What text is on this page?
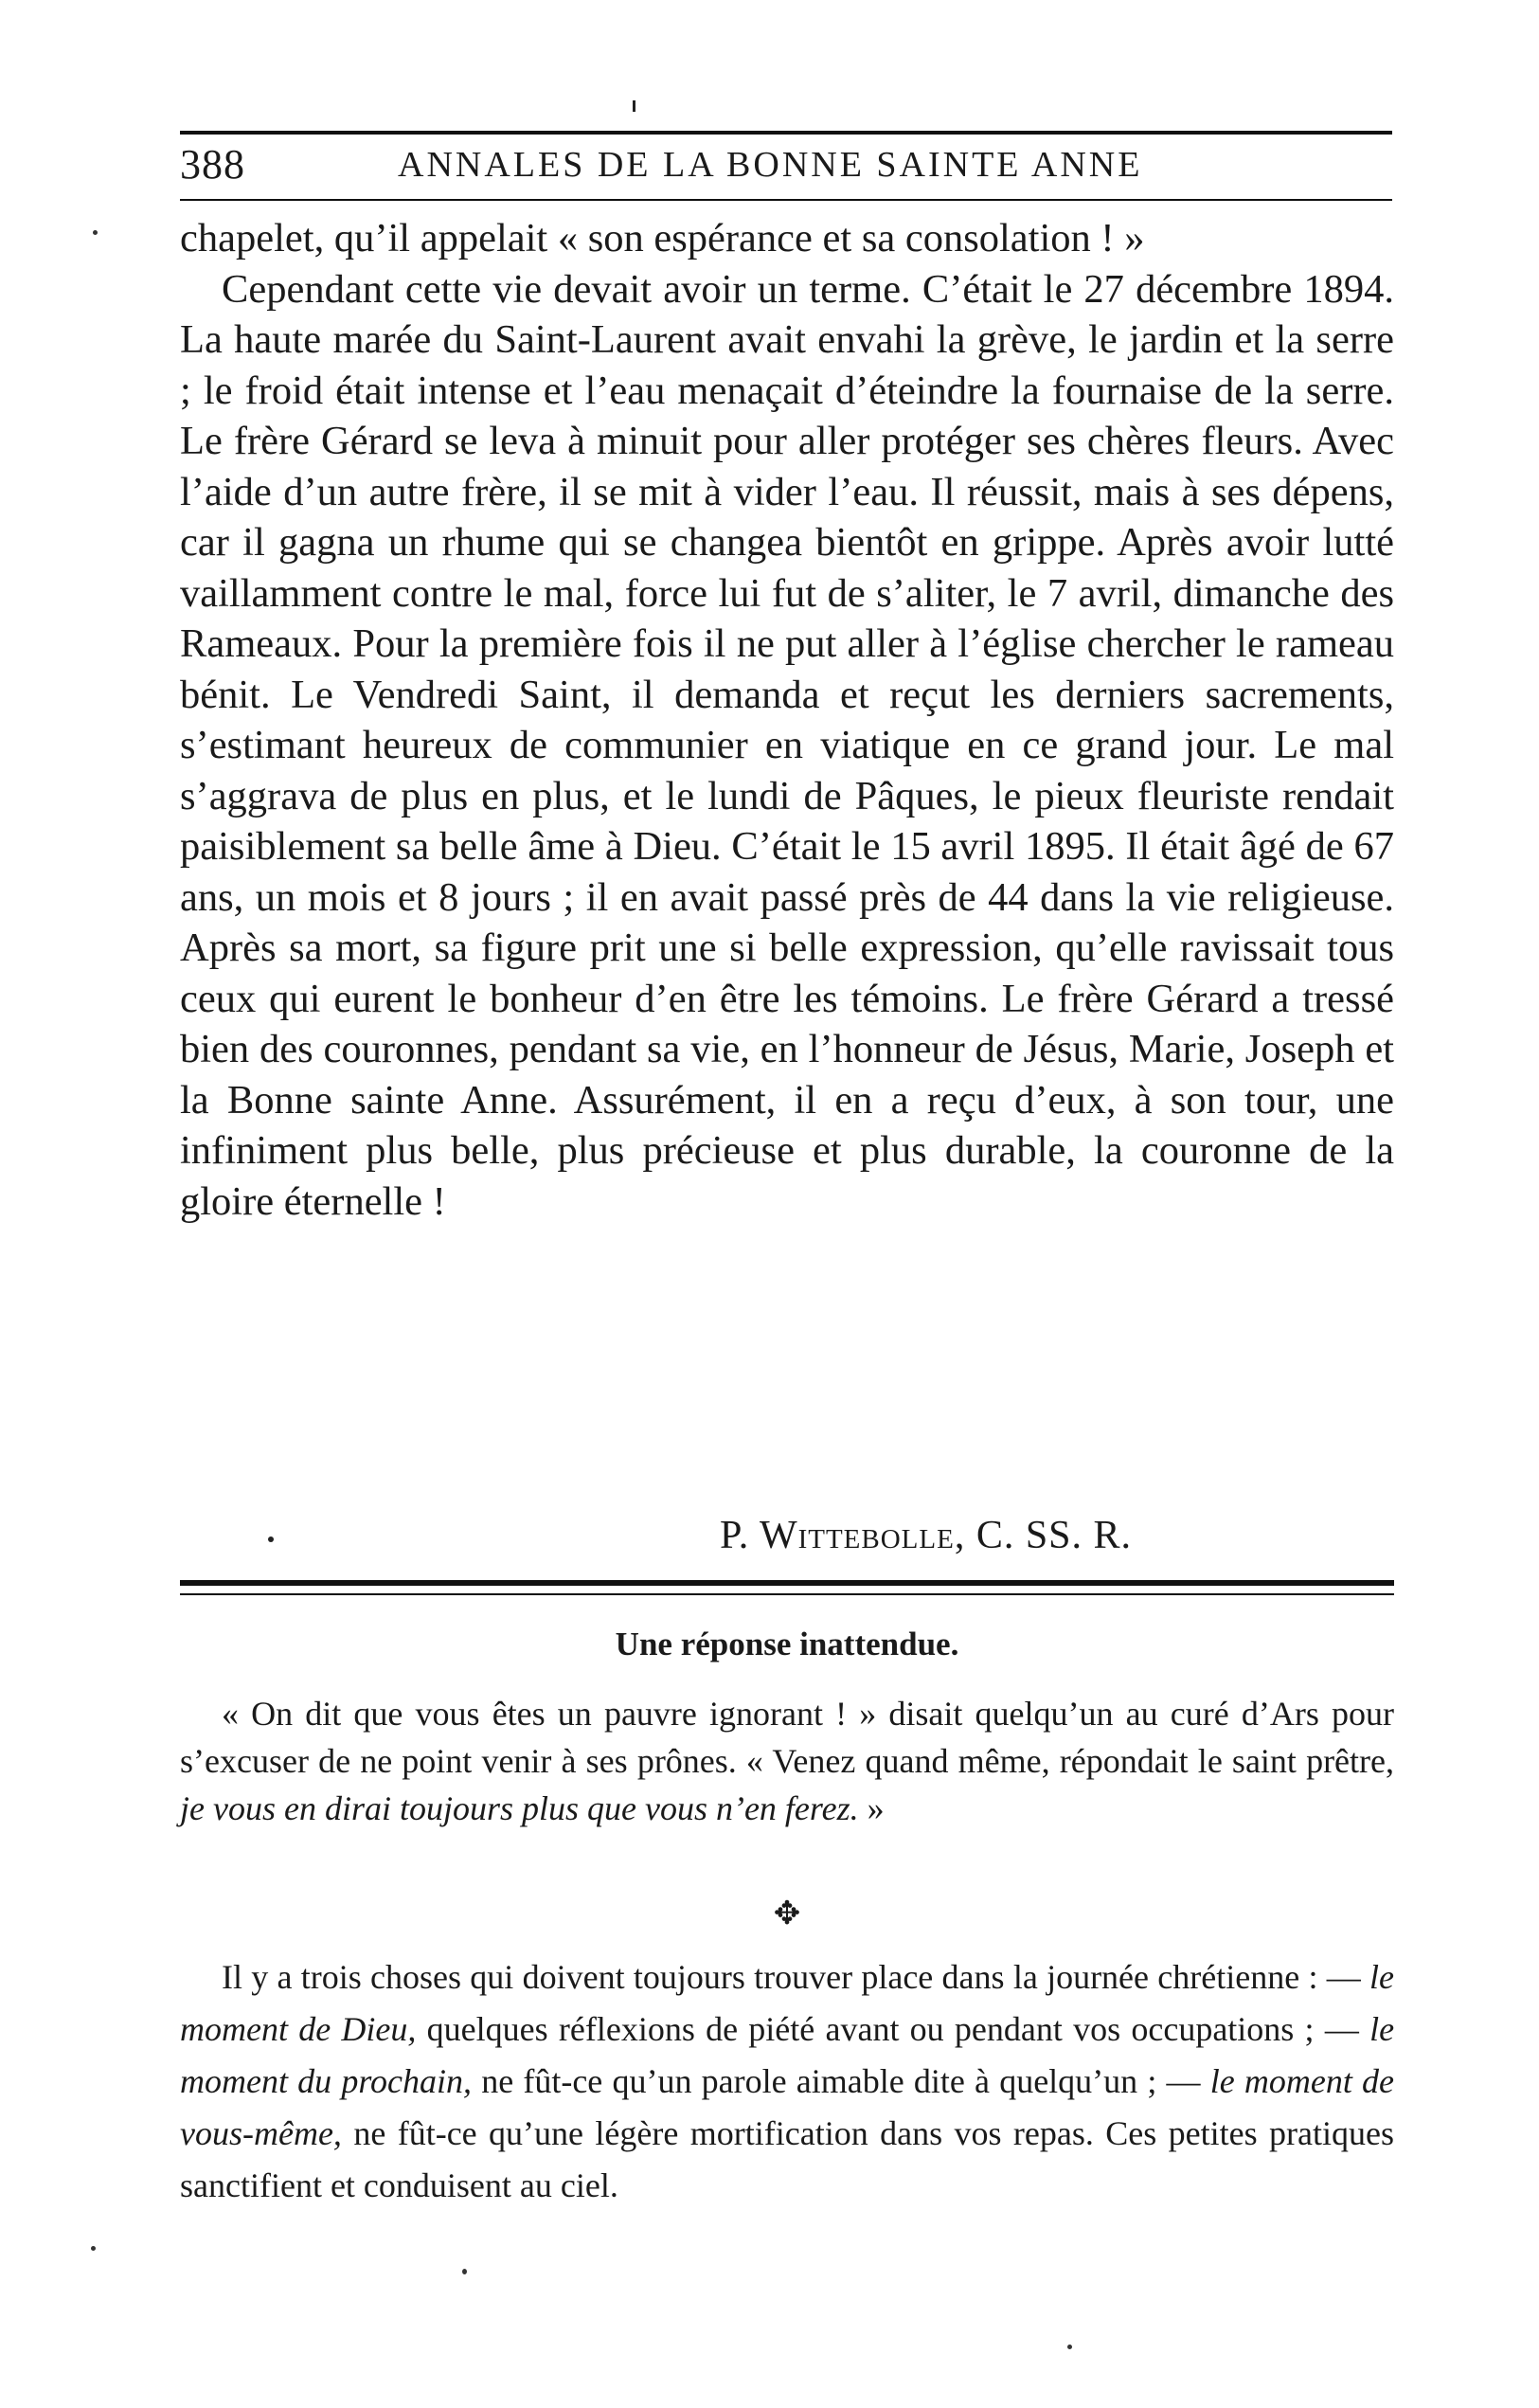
388	ANNALES DE LA BONNE SAINTE ANNE

chapelet, qu’il appelait « son espérance et sa consolation ! »

Cependant cette vie devait avoir un terme. C’était le 27 décembre 1894. La haute marée du Saint-Laurent avait envahi la grève, le jardin et la serre ; le froid était intense et l’eau menaçait d’éteindre la fournaise de la serre. Le frère Gérard se leva à minuit pour aller protéger ses chères fleurs. Avec l’aide d’un autre frère, il se mit à vider l’eau. Il réussit, mais à ses dépens, car il gagna un rhume qui se changea bientôt en grippe. Après avoir lutté vaillamment contre le mal, force lui fut de s’aliter, le 7 avril, dimanche des Rameaux. Pour la première fois il ne put aller à l’église chercher le rameau bénit. Le Vendredi Saint, il demanda et reçut les derniers sacrements, s’estimant heureux de communier en viatique en ce grand jour. Le mal s’aggrava de plus en plus, et le lundi de Pâques, le pieux fleuriste rendait paisiblement sa belle âme à Dieu. C’était le 15 avril 1895. Il était âgé de 67 ans, un mois et 8 jours ; il en avait passé près de 44 dans la vie religieuse. Après sa mort, sa figure prit une si belle expression, qu’elle ravissait tous ceux qui eurent le bonheur d’en être les témoins. Le frère Gérard a tressé bien des couronnes, pendant sa vie, en l’honneur de Jésus, Marie, Joseph et la Bonne sainte Anne. Assurément, il en a reçu d’eux, à son tour, une infiniment plus belle, plus précieuse et plus durable, la couronne de la gloire éternelle !

P. Wittebolle, C. SS. R.
Une réponse inattendue.

« On dit que vous êtes un pauvre ignorant ! » disait quelqu’un au curé d’Ars pour s’excuser de ne point venir à ses prônes. « Venez quand même, répondait le saint prêtre, je vous en dirai toujours plus que vous n’en ferez. »

✥

Il y a trois choses qui doivent toujours trouver place dans la journée chrétienne : — le moment de Dieu, quelques réflexions de piété avant ou pendant vos occupations ; — le moment du prochain, ne fût-ce qu’un parole aimable dite à quelqu’un ; — le moment de vous-même, ne fût-ce qu’une légère mortification dans vos repas. Ces petites pratiques sanctifient et conduisent au ciel.
